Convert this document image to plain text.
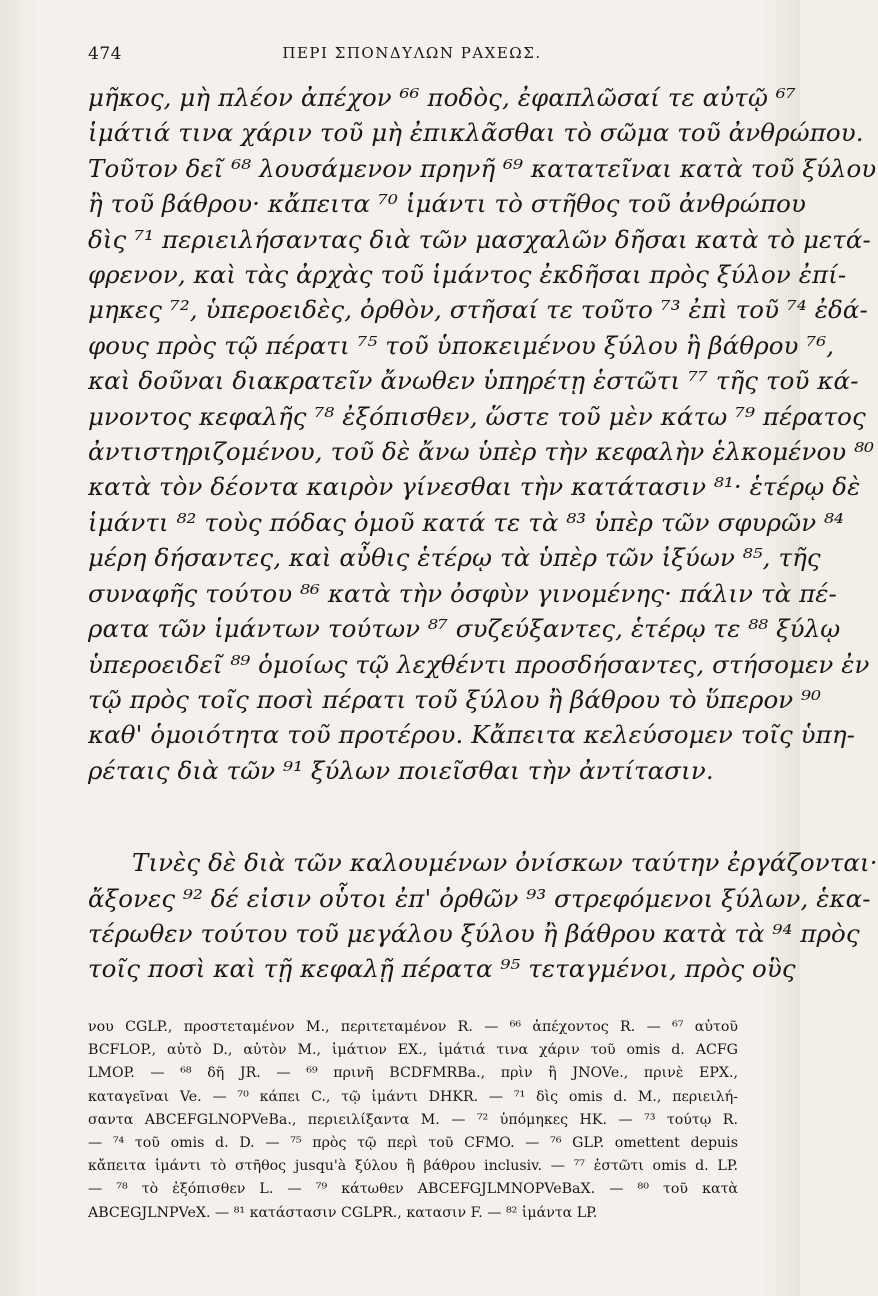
474	ΠΕΡΙ ΣΠΟΝΔΥΛΩΝ ΡΑΧΕΩΣ.
μῆκος, μὴ πλέον ἀπέχον ⁶⁶ ποδὸς, ἐφαπλῶσαί τε αὐτῷ ⁶⁷
ἱμάτιά τινα χάριν τοῦ μὴ ἐπικλᾶσθαι τὸ σῶμα τοῦ ἀνθρώπου.
Τοῦτον δεῖ ⁶⁸ λουσάμενον πρηνῆ ⁶⁹ κατατεῖναι κατὰ τοῦ ξύλου
ἢ τοῦ βάθρου· κἄπειτα ⁷⁰ ἱμάντι τὸ στῆθος τοῦ ἀνθρώπου
δὶς ⁷¹ περιειλήσαντας διὰ τῶν μασχαλῶν δῆσαι κατὰ τὸ μετά-
φρενον, καὶ τὰς ἀρχὰς τοῦ ἱμάντος ἐκδῆσαι πρὸς ξύλον ἐπί-
μηκες ⁷², ὑπεροειδὲς, ὀρθὸν, στῆσαί τε τοῦτο ⁷³ ἐπὶ τοῦ ⁷⁴ ἐδά-
φους πρὸς τῷ πέρατι ⁷⁵ τοῦ ὑποκειμένου ξύλου ἢ βάθρου ⁷⁶,
καὶ δοῦναι διακρατεῖν ἄνωθεν ὑπηρέτῃ ἑστῶτι ⁷⁷ τῆς τοῦ κά-
μνοντος κεφαλῆς ⁷⁸ ἐξόπισθεν, ὥστε τοῦ μὲν κάτω ⁷⁹ πέρατος
ἀντιστηριζομένου, τοῦ δὲ ἄνω ὑπὲρ τὴν κεφαλὴν ἑλκομένου ⁸⁰
κατὰ τὸν δέοντα καιρὸν γίνεσθαι τὴν κατάτασιν ⁸¹· ἑτέρῳ δὲ
ἱμάντι ⁸² τοὺς πόδας ὁμοῦ κατά τε τὰ ⁸³ ὑπὲρ τῶν σφυρῶν ⁸⁴
μέρη δήσαντες, καὶ αὖθις ἑτέρῳ τὰ ὑπὲρ τῶν ἰξύων ⁸⁵, τῆς
συναφῆς τούτου ⁸⁶ κατὰ τὴν ὀσφὺν γινομένης· πάλιν τὰ πέ-
ρατα τῶν ἱμάντων τούτων ⁸⁷ συζεύξαντες, ἑτέρῳ τε ⁸⁸ ξύλῳ
ὑπεροειδεῖ ⁸⁹ ὁμοίως τῷ λεχθέντι προσδήσαντες, στήσομεν ἐν
τῷ πρὸς τοῖς ποσὶ πέρατι τοῦ ξύλου ἢ βάθρου τὸ ὕπερον ⁹⁰
καθ' ὁμοιότητα τοῦ προτέρου. Κἄπειτα κελεύσομεν τοῖς ὑπη-
ρέταις διὰ τῶν ⁹¹ ξύλων ποιεῖσθαι τὴν ἀντίτασιν.
Τινὲς δὲ διὰ τῶν καλουμένων ὀνίσκων ταύτην ἐργάζονται·
ἄξονες ⁹² δέ εἰσιν οὗτοι ἐπ' ὀρθῶν ⁹³ στρεφόμενοι ξύλων, ἑκα-
τέρωθεν τούτου τοῦ μεγάλου ξύλου ἢ βάθρου κατὰ τὰ ⁹⁴ πρὸς
τοῖς ποσὶ καὶ τῇ κεφαλῇ πέρατα ⁹⁵ τεταγμένοι, πρὸς οὓς
νου CGLP., προστεταμένον M., περιτεταμένον R. — ⁶⁶ ἀπέχοντος R. — ⁶⁷ αὐτοῦ
BCFLOP., αὐτὸ D., αὐτὸν M., ἱμάτιον EX., ἱμάτιά τινα χάριν τοῦ omis d. ACFG
LMOP. — ⁶⁸ δῆ JR. — ⁶⁹ πρινῆ BCDFMRBa., πρὶν ἢ JNOVe., πρινὲ EPX.,
καταγεῖναι Ve. — ⁷⁰ κάπει C., τῷ ἱμάντι DHKR. — ⁷¹ δὶς omis d. M., περιειλή-
σαντα ABCEFGLNOPVeBa., περιειλίξαντα M. — ⁷² ὑπόμηκες HK. — ⁷³ τούτῳ R.
— ⁷⁴ τοῦ omis d. D. — ⁷⁵ πρὸς τῷ περὶ τοῦ CFMO. — ⁷⁶ GLP. omettent depuis
κἄπειτα ἱμάντι τὸ στῆθος jusqu'à ξύλου ἢ βάθρου inclusiv. — ⁷⁷ ἑστῶτι omis d. LP.
— ⁷⁸ τὸ ἐξόπισθεν L. — ⁷⁹ κάτωθεν ABCEFGJLMNOPVeBaX. — ⁸⁰ τοῦ κατὰ
ABCEGJLNPVeX. — ⁸¹ κατάστασιν CGLPR., κατασιν F. — ⁸² ἱμάντα LP.
